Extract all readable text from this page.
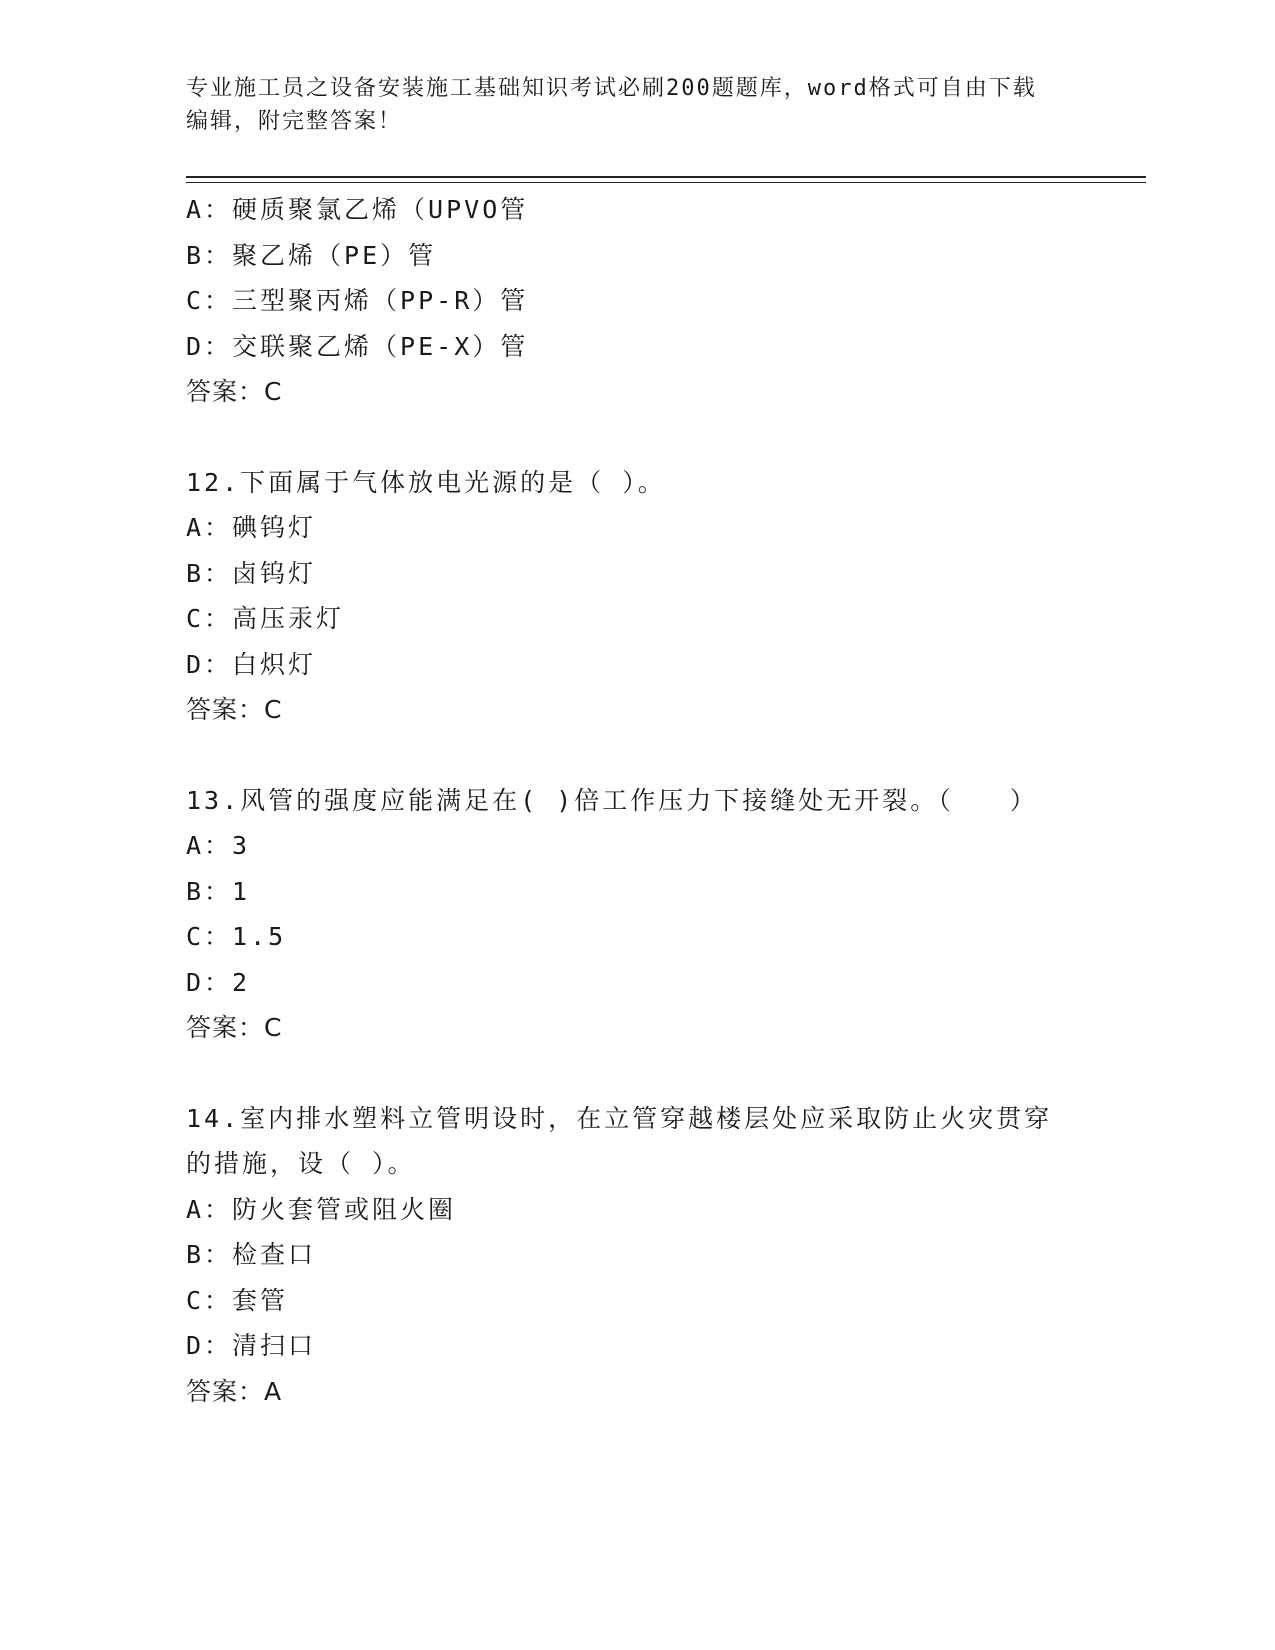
专业施工员之设备安装施工基础知识考试必刷200题题库，word格式可自由下载
编辑，附完整答案！
A：硬质聚氯乙烯（UPVO管
B：聚乙烯（PE）管
C：三型聚丙烯（PP-R）管
D：交联聚乙烯（PE-X）管
答案：C
12.下面属于气体放电光源的是（ ）。
A：碘钨灯
B：卤钨灯
C：高压汞灯
D：白炽灯
答案：C
13.风管的强度应能满足在( )倍工作压力下接缝处无开裂。（　　）
A：3
B：1
C：1.5
D：2
答案：C
14.室内排水塑料立管明设时，在立管穿越楼层处应采取防止火灾贯穿
的措施，设（ ）。
A：防火套管或阻火圈
B：检查口
C：套管
D：清扫口
答案：A
